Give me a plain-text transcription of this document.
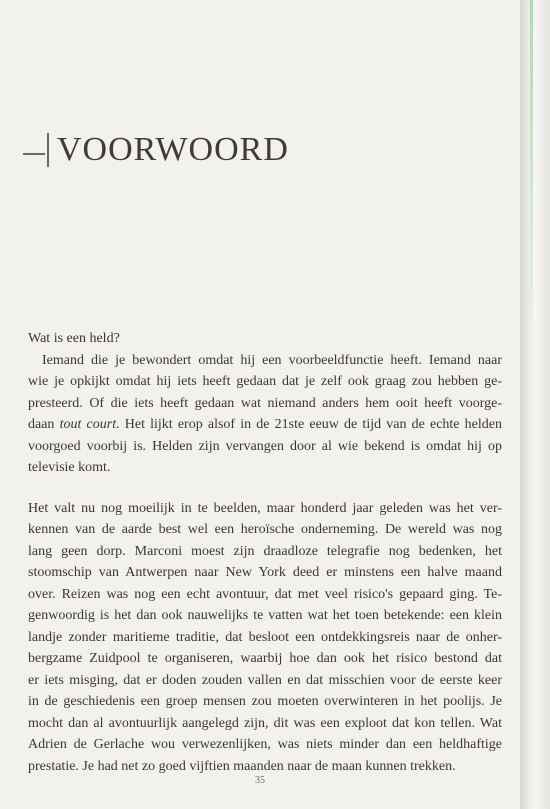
VOORWOORD
Wat is een held?
Iemand die je bewondert omdat hij een voorbeeldfunctie heeft. Iemand naar
wie je opkijkt omdat hij iets heeft gedaan dat je zelf ook graag zou hebben ge-
presteerd. Of die iets heeft gedaan wat niemand anders hem ooit heeft voorge-
daan tout court. Het lijkt erop alsof in de 21ste eeuw de tijd van de echte helden
voorgoed voorbij is. Helden zijn vervangen door al wie bekend is omdat hij op
televisie komt.
Het valt nu nog moeilijk in te beelden, maar honderd jaar geleden was het ver-
kennen van de aarde best wel een heroïsche onderneming. De wereld was nog
lang geen dorp. Marconi moest zijn draadloze telegrafie nog bedenken, het
stoomschip van Antwerpen naar New York deed er minstens een halve maand
over. Reizen was nog een echt avontuur, dat met veel risico's gepaard ging. Te-
genwoordig is het dan ook nauwelijks te vatten wat het toen betekende: een klein
landje zonder maritieme traditie, dat besloot een ontdekkingsreis naar de onher-
bergzame Zuidpool te organiseren, waarbij hoe dan ook het risico bestond dat
er iets misging, dat er doden zouden vallen en dat misschien voor de eerste keer
in de geschiedenis een groep mensen zou moeten overwinteren in het poolijs. Je
mocht dan al avontuurlijk aangelegd zijn, dit was een exploot dat kon tellen. Wat
Adrien de Gerlache wou verwezenlijken, was niets minder dan een heldhaftige
prestatie. Je had net zo goed vijftien maanden naar de maan kunnen trekken.
35
